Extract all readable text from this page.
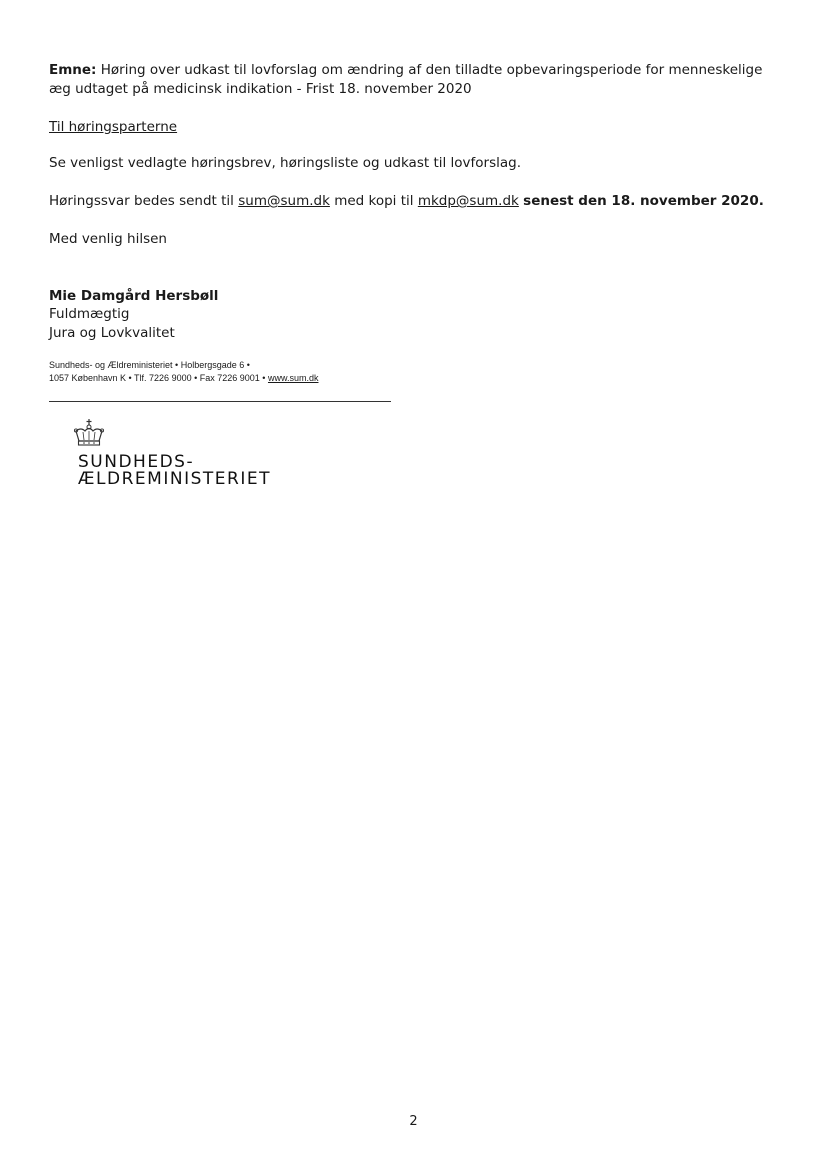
Emne: Høring over udkast til lovforslag om ændring af den tilladte opbevaringsperiode for menneskelige æg udtaget på medicinsk indikation - Frist 18. november 2020

Til høringsparterne

Se venligst vedlagte høringsbrev, høringsliste og udkast til lovforslag.

Høringssvar bedes sendt til sum@sum.dk med kopi til mkdp@sum.dk senest den 18. november 2020.

Med venlig hilsen

Mie Damgård Hersbøll
Fuldmægtig
Jura og Lovkvalitet
Sundheds- og Ældreministeriet • Holbergsgade 6 •
1057 København K • Tlf. 7226 9000 • Fax 7226 9001 • www.sum.dk
SUNDHEDS-
ÆLDREMINISTERIET
2
